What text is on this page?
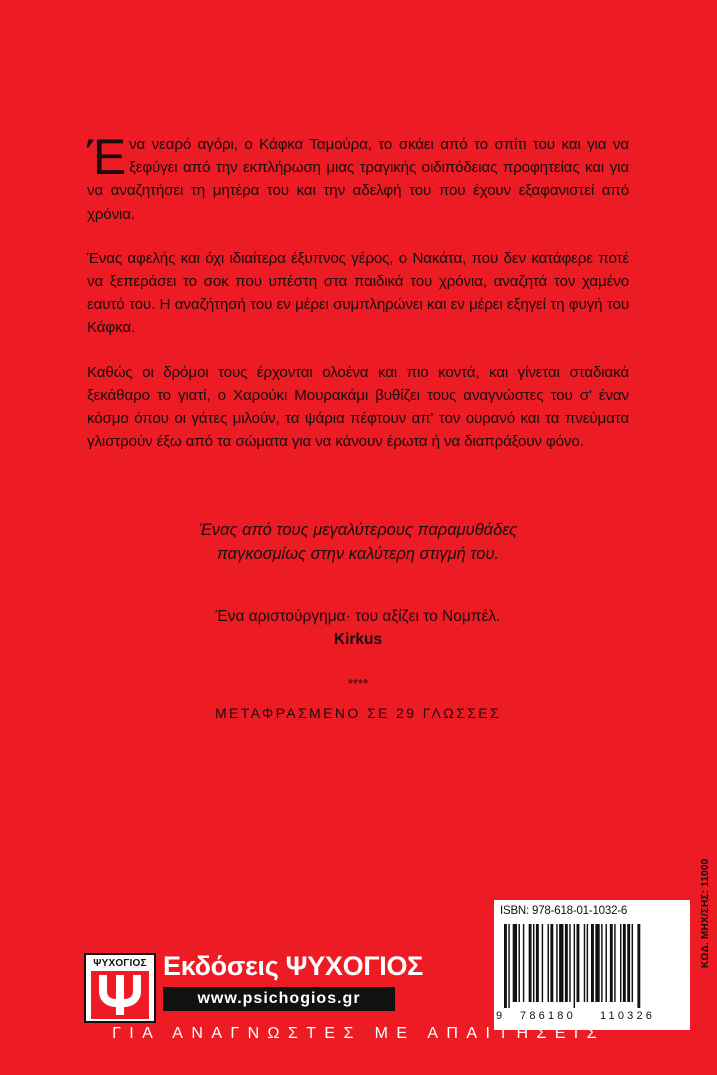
Ένα νεαρό αγόρι, ο Κάφκα Ταμούρα, το σκάει από το σπίτι του και για να ξεφύγει από την εκπλήρωση μιας τραγικής οιδιπόδειας προφητείας και για να αναζητήσει τη μητέρα του και την αδελφή του που έχουν εξαφανιστεί από χρόνια.

Ένας αφελής και όχι ιδιαίτερα έξυπνος γέρος, ο Νακάτα, που δεν κατάφερε ποτέ να ξεπεράσει το σοκ που υπέστη στα παιδικά του χρόνια, αναζητά τον χαμένο εαυτό του. Η αναζήτησή του εν μέρει συμπληρώνει και εν μέρει εξηγεί τη φυγή του Κάφκα.

Καθώς οι δρόμοι τους έρχονται ολοένα και πιο κοντά, και γίνεται σταδιακά ξεκάθαρο το γιατί, ο Χαρούκι Μουρακάμι βυθίζει τους αναγνώστες του σ' έναν κόσμο όπου οι γάτες μιλούν, τα ψάρια πέφτουν απ' τον ουρανό και τα πνεύματα γλιστρούν έξω από τα σώματα για να κάνουν έρωτα ή να διαπράξουν φόνο.

Ένας από τους μεγαλύτερους παραμυθάδες
παγκοσμίως στην καλύτερη στιγμή του.
Ένα αριστούργημα· του αξίζει το Νομπέλ.
Kirkus
****
ΜΕΤΑΦΡΑΣΜΕΝΟ ΣΕ 29 ΓΛΩΣΣΕΣ
ΨΥΧΟΓΙΟΣ Εκδόσεις ΨΥΧΟΓΙΟΣ
www.psichogios.gr
ISBN: 978-618-01-1032-6
9 786180 110326
ΚΩΔ. ΜΗΧ/ΣΗΣ: 11000
ΓΙΑ ΑΝΑΓΝΩΣΤΕΣ ΜΕ ΑΠΑΙΤΗΣΕΙΣ
